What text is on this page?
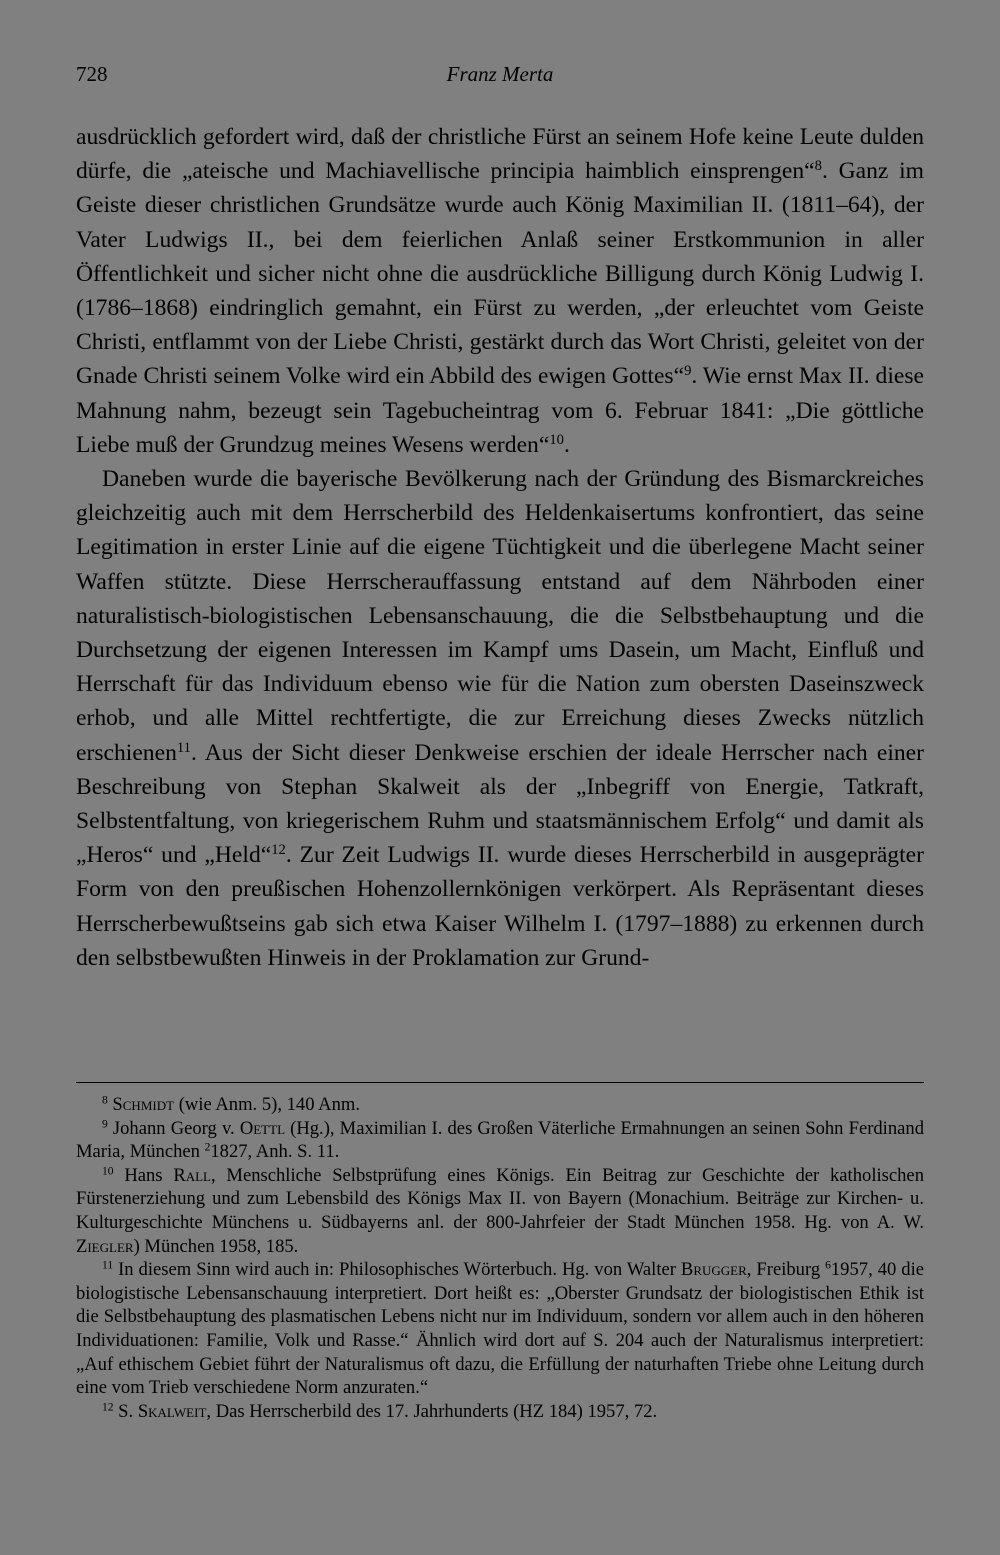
728	Franz Merta

ausdrücklich gefordert wird, daß der christliche Fürst an seinem Hofe keine Leute dulden dürfe, die „ateische und Machiavellische principia haimblich einsprengen“$^8$. Ganz im Geiste dieser christlichen Grundsätze wurde auch König Maximilian II. (1811–64), der Vater Ludwigs II., bei dem feierlichen Anlaß seiner Erstkommunion in aller Öffentlichkeit und sicher nicht ohne die ausdrückliche Billigung durch König Ludwig I. (1786–1868) eindringlich gemahnt, ein Fürst zu werden, „der erleuchtet vom Geiste Christi, entflammt von der Liebe Christi, gestärkt durch das Wort Christi, geleitet von der Gnade Christi seinem Volke wird ein Abbild des ewigen Gottes“$^9$. Wie ernst Max II. diese Mahnung nahm, bezeugt sein Tagebucheintrag vom 6. Februar 1841: „Die göttliche Liebe muß der Grundzug meines Wesens werden“$^{10}$.

Daneben wurde die bayerische Bevölkerung nach der Gründung des Bismarckreiches gleichzeitig auch mit dem Herrscherbild des Heldenkaisertums konfrontiert, das seine Legitimation in erster Linie auf die eigene Tüchtigkeit und die überlegene Macht seiner Waffen stützte. Diese Herrscherauffassung entstand auf dem Nährboden einer naturalistisch-biologistischen Lebensanschauung, die die Selbstbehauptung und die Durchsetzung der eigenen Interessen im Kampf ums Dasein, um Macht, Einfluß und Herrschaft für das Individuum ebenso wie für die Nation zum obersten Daseinszweck erhob, und alle Mittel rechtfertigte, die zur Erreichung dieses Zwecks nützlich erschienen$^{11}$. Aus der Sicht dieser Denkweise erschien der ideale Herrscher nach einer Beschreibung von Stephan Skalweit als der „Inbegriff von Energie, Tatkraft, Selbstentfaltung, von kriegerischem Ruhm und staatsmännischem Erfolg“ und damit als „Heros“ und „Held“$^{12}$. Zur Zeit Ludwigs II. wurde dieses Herrscherbild in ausgeprägter Form von den preußischen Hohenzollernkönigen verkörpert. Als Repräsentant dieses Herrscherbewußtseins gab sich etwa Kaiser Wilhelm I. (1797–1888) zu erkennen durch den selbstbewußten Hinweis in der Proklamation zur Grund-

$^8$ Schmidt (wie Anm. 5), 140 Anm.

$^9$ Johann Georg v. Oettl (Hg.), Maximilian I. des Großen Väterliche Ermahnungen an seinen Sohn Ferdinand Maria, München $^2$1827, Anh. S. 11.

$^{10}$ Hans Rall, Menschliche Selbstprüfung eines Königs. Ein Beitrag zur Geschichte der katholischen Fürstenerziehung und zum Lebensbild des Königs Max II. von Bayern (Monachium. Beiträge zur Kirchen- u. Kulturgeschichte Münchens u. Südbayerns anl. der 800-Jahrfeier der Stadt München 1958. Hg. von A. W. Ziegler) München 1958, 185.

$^{11}$ In diesem Sinn wird auch in: Philosophisches Wörterbuch. Hg. von Walter Brugger, Freiburg $^6$1957, 40 die biologistische Lebensanschauung interpretiert. Dort heißt es: „Oberster Grundsatz der biologistischen Ethik ist die Selbstbehauptung des plasmatischen Lebens nicht nur im Individuum, sondern vor allem auch in den höheren Individuationen: Familie, Volk und Rasse.“ Ähnlich wird dort auf S. 204 auch der Naturalismus interpretiert: „Auf ethischem Gebiet führt der Naturalismus oft dazu, die Erfüllung der naturhaften Triebe ohne Leitung durch eine vom Trieb verschiedene Norm anzuraten.“

$^{12}$ S. Skalweit, Das Herrscherbild des 17. Jahrhunderts (HZ 184) 1957, 72.
